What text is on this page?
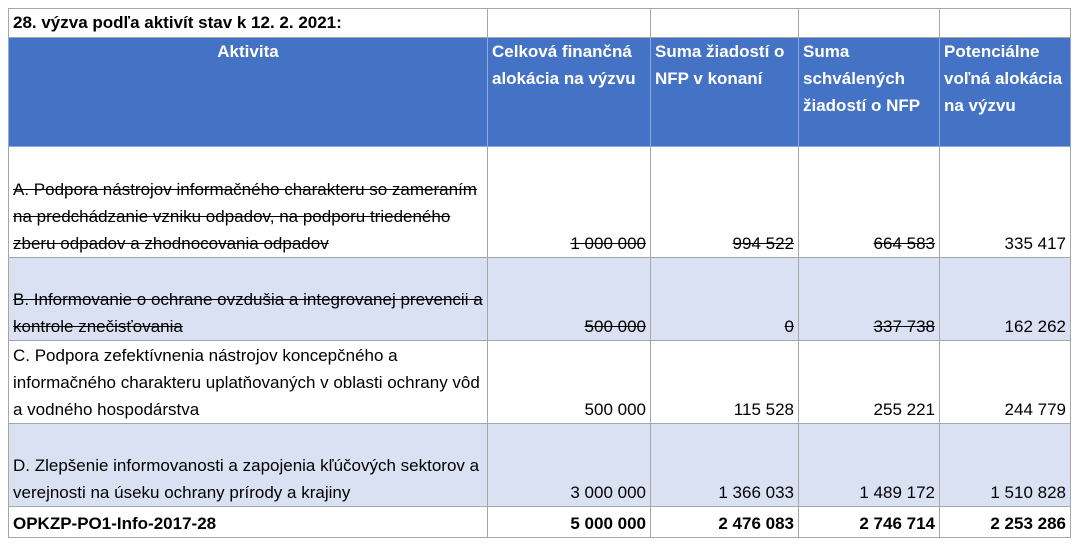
28. výzva podľa aktivít stav k 12. 2. 2021:				
Aktivita	Celková finančná alokácia na výzvu	Suma žiadostí o NFP v konaní	Suma schválených žiadostí o NFP	Potenciálne voľná alokácia na výzvu
A. Podpora nástrojov informačného charakteru so zameraním na predchádzanie vzniku odpadov, na podporu triedeného zberu odpadov a zhodnocovania odpadov	1 000 000	994 522	664 583	335 417
B. Informovanie o ochrane ovzdušia a integrovanej prevencii a kontrole znečisťovania	500 000	0	337 738	162 262
C. Podpora zefektívnenia nástrojov koncepčného a informačného charakteru uplatňovaných v oblasti ochrany vôd a vodného hospodárstva	500 000	115 528	255 221	244 779
D. Zlepšenie informovanosti a zapojenia kľúčových sektorov a verejnosti na úseku ochrany prírody a krajiny	3 000 000	1 366 033	1 489 172	1 510 828
OPKZP-PO1-Info-2017-28	5 000 000	2 476 083	2 746 714	2 253 286
